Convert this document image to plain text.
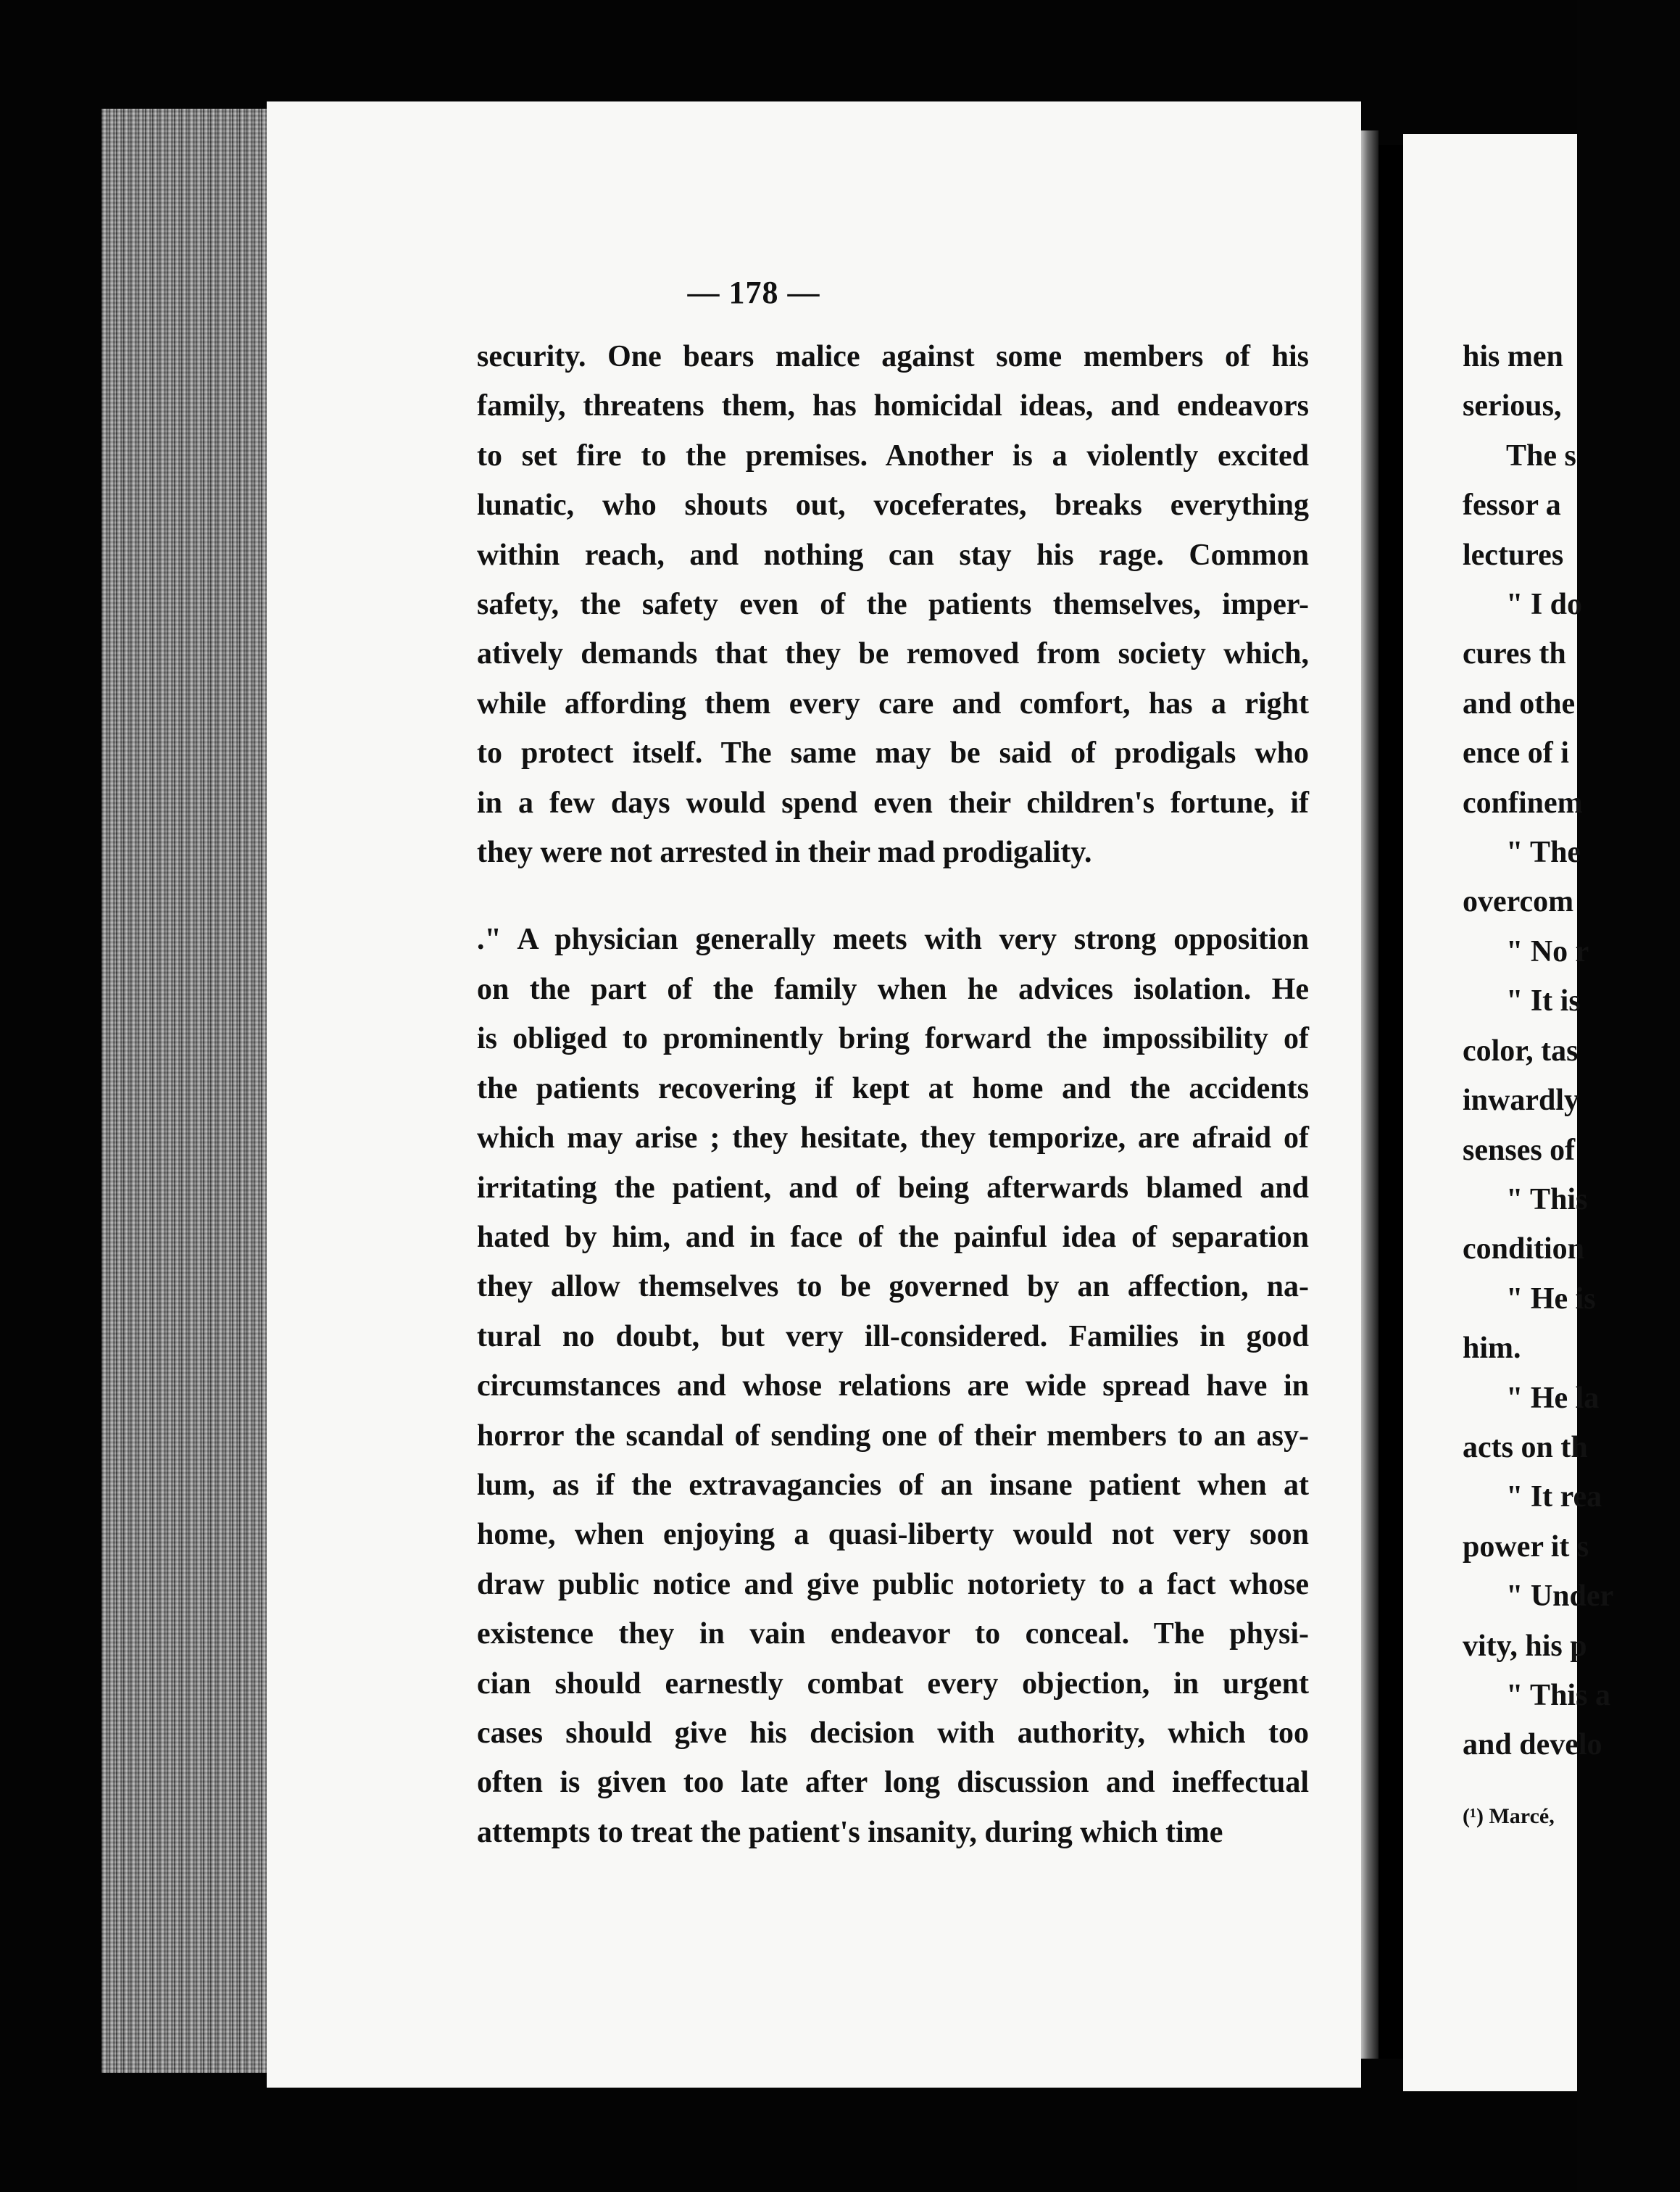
— 178 —
security. One bears malice against some members of his
family, threatens them, has homicidal ideas, and endeavors
to set fire to the premises. Another is a violently excited
lunatic, who shouts out, voceferates, breaks everything
within reach, and nothing can stay his rage. Common
safety, the safety even of the patients themselves, imper-
atively demands that they be removed from society which,
while affording them every care and comfort, has a right
to protect itself. The same may be said of prodigals who
in a few days would spend even their children's fortune, if
they were not arrested in their mad prodigality.
." A physician generally meets with very strong opposition
on the part of the family when he advices isolation. He
is obliged to prominently bring forward the impossibility of
the patients recovering if kept at home and the accidents
which may arise ; they hesitate, they temporize, are afraid of
irritating the patient, and of being afterwards blamed and
hated by him, and in face of the painful idea of separation
they allow themselves to be governed by an affection, na-
tural no doubt, but very ill-considered. Families in good
circumstances and whose relations are wide spread have in
horror the scandal of sending one of their members to an asy-
lum, as if the extravagancies of an insane patient when at
home, when enjoying a quasi-liberty would not very soon
draw public notice and give public notoriety to a fact whose
existence they in vain endeavor to conceal. The physi-
cian should earnestly combat every objection, in urgent
cases should give his decision with authority, which too
often is given too late after long discussion and ineffectual
attempts to treat the patient's insanity, during which time
his men
serious,
The s
fessor a
lectures
" I do
cures th
and othe
ence of i
confinem
" The
overcom
" No r
" It is
color, tas
inwardly
senses of
" This
condition
" He is
him.
" He la
acts on th
" It rea
power it s
" Under
vity, his p
" This a
and develo
(¹) Marcé,
